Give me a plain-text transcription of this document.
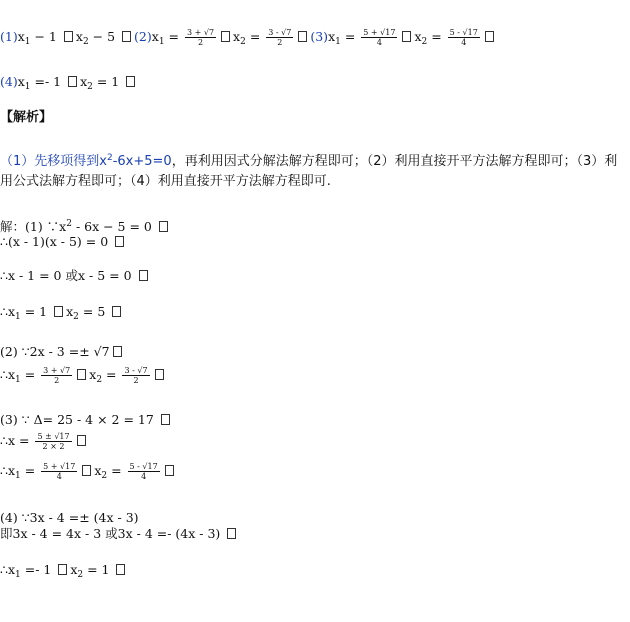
$(1)x_1 - 1$ $x_2 - 5$ $(2)x_1 = \frac{3 + √7}{2} x_2 = \frac{3 - √7}{2} (3)x_1 = \frac{5 + √17}{4} x_2 = \frac{5 - √17}{4}$
$(4)x_1 =- 1$ $x_2 = 1$
【解析】
（1）先移项得到$x^2-6x+5=0$，再利用因式分解法解方程即可；（2）利用直接开平方法解方程即可；（3）利用公式法解方程即可；（4）利用直接开平方法解方程即可.
解：(1) $\because x^2 - 6x - 5 = 0$
∴(x - 1)(x - 5) = 0
∴x - 1 = 0 或x - 5 = 0
$\therefore x_1 = 1$ $x_2 = 5$
(2) ∵2x - 3 =± √7
$\therefore x_1 = \frac{3 + √7}{2} x_2 = \frac{3 - √7}{2}$
(3) ∵ Δ= 25 - 4 × 2 = 17
∴x = $\frac{5 \pm √17}{2 \times 2}$
$\therefore x_1 = \frac{5 + √17}{4} x_2 = \frac{5 - √17}{4}$
(4) ∵3x - 4 =± (4x - 3)
即3x - 4 = 4x - 3 或3x - 4 =- (4x - 3)
$\therefore x_1 =- 1$ $x_2 = 1$
